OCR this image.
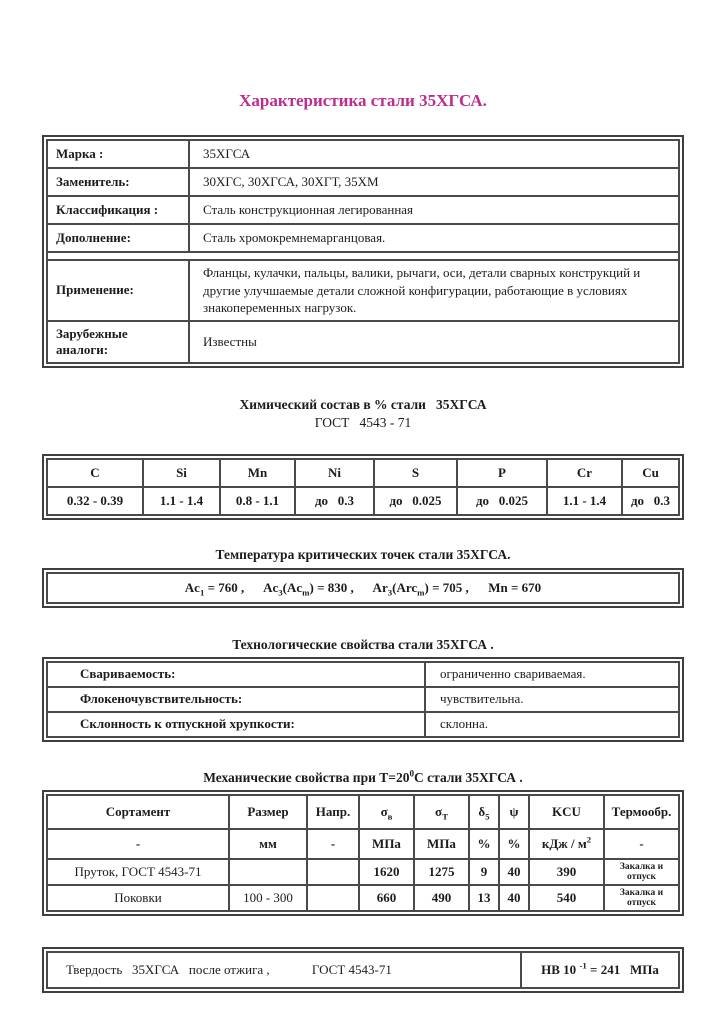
Характеристика стали 35ХГСА.
Марка :	35ХГСА
Заменитель:	30ХГС, 30ХГСА, 30ХГТ, 35ХМ
Классификация :	Сталь конструкционная легированная
Дополнение:	Сталь хромокремнемарганцовая.

Применение:	Фланцы, кулачки, пальцы, валики, рычаги, оси, детали сварных конструкций и другие улучшаемые детали сложной конфигурации, работающие в условиях знакопеременных нагрузок.
Зарубежные аналоги:	Известны
Химический состав в % стали   35ХГСА
ГОСТ   4543 - 71
C	Si	Mn	Ni	S	P	Cr	Cu
0.32 - 0.39	1.1 - 1.4	0.8 - 1.1	до   0.3	до   0.025	до   0.025	1.1 - 1.4	до   0.3
Температура критических точек стали 35ХГСА.
$Ac_1 = 760$ ,      $Ac_3(Ac_m) = 830$ ,      $Ar_3(Arc_m) = 705$ ,      Mn = 670
Технологические свойства стали 35ХГСА .
Свариваемость:	ограниченно свариваемая.
Флокеночувствительность:	чувствительна.
Склонность к отпускной хрупкости:	склонна.
Механические свойства при $Т=20^0С$ стали 35ХГСА .
Сортамент	Размер	Напр.	$\sigma_в$	$\sigma_Т$	$\delta_5$	ψ	KCU	Термообр.
-	мм	-	МПа	МПа	%	%	кДж / $м^2$	-
Пруток, ГОСТ 4543-71			1620	1275	9	40	390	Закалка и отпуск
Поковки	100 - 300		660	490	13	40	540	Закалка и отпуск
Твердость   35ХГСА   после отжига ,             ГОСТ 4543-71	НВ 10 $^{-1}$ = 241   МПа
